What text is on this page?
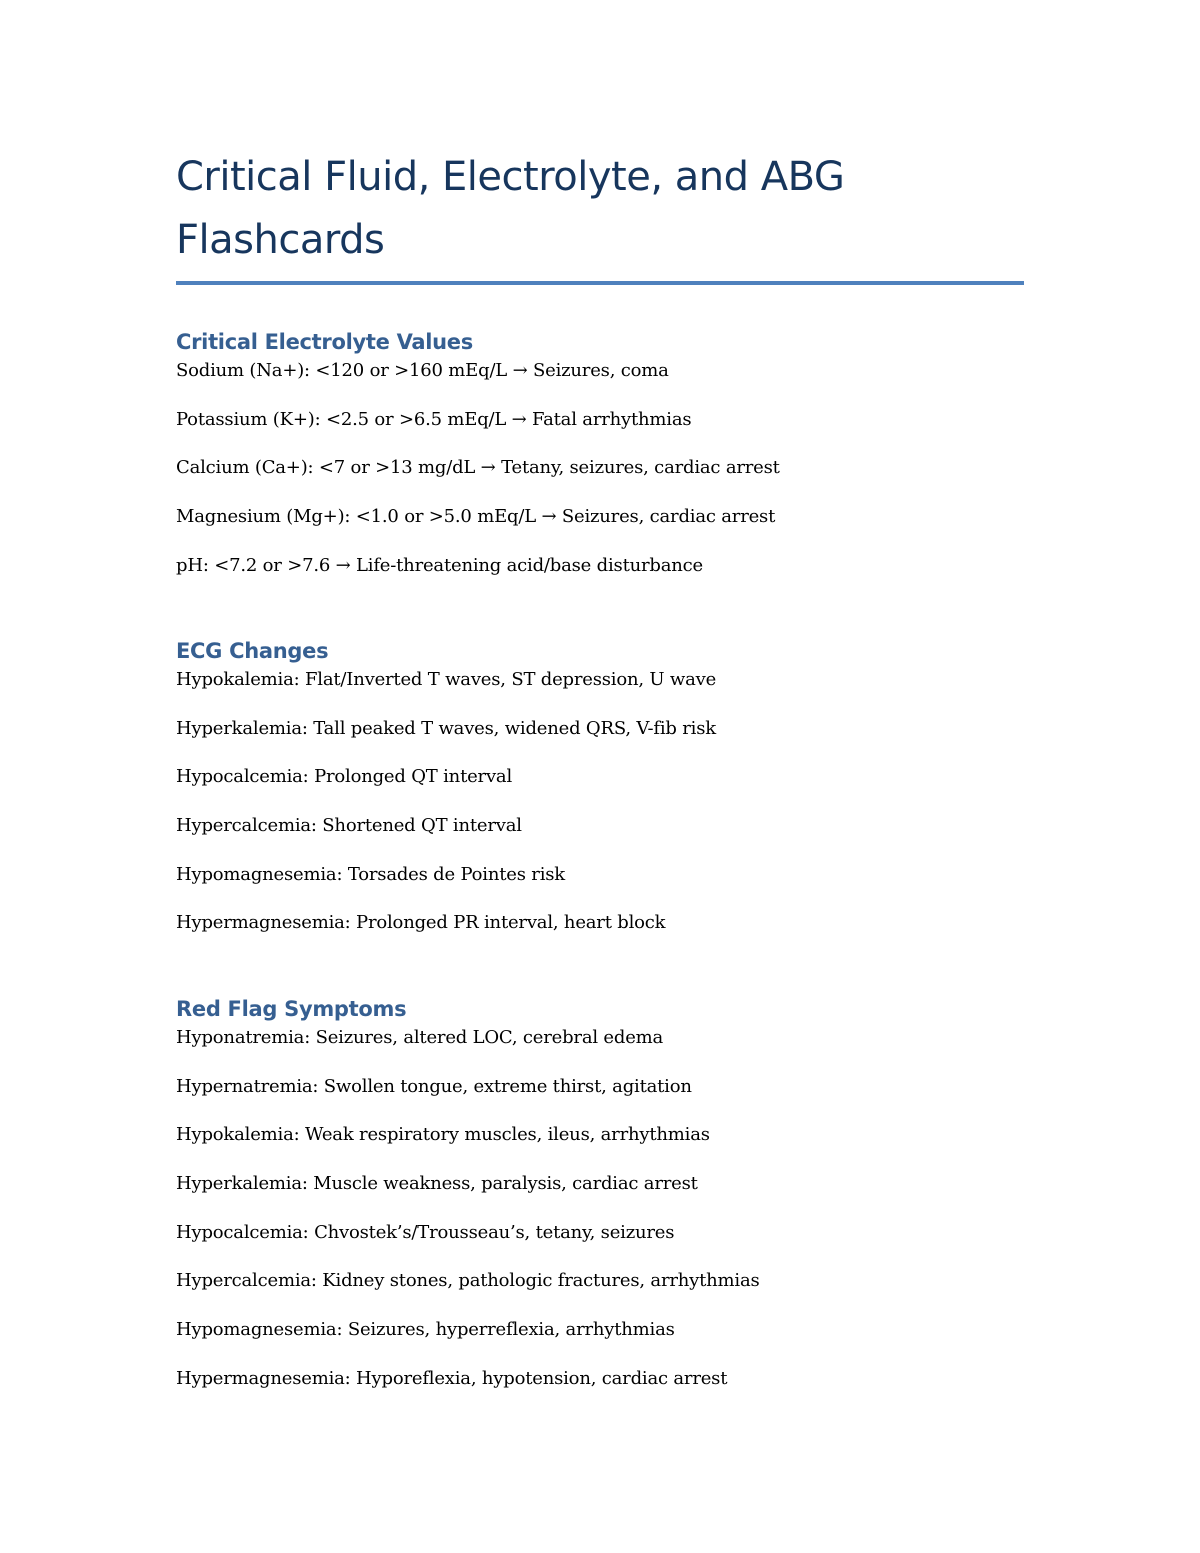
Critical Fluid, Electrolyte, and ABG Flashcards
Critical Electrolyte Values

Sodium (Na+): <120 or >160 mEq/L → Seizures, coma

Potassium (K+): <2.5 or >6.5 mEq/L → Fatal arrhythmias

Calcium (Ca+): <7 or >13 mg/dL → Tetany, seizures, cardiac arrest

Magnesium (Mg+): <1.0 or >5.0 mEq/L → Seizures, cardiac arrest

pH: <7.2 or >7.6 → Life-threatening acid/base disturbance

ECG Changes

Hypokalemia: Flat/Inverted T waves, ST depression, U wave

Hyperkalemia: Tall peaked T waves, widened QRS, V-fib risk

Hypocalcemia: Prolonged QT interval

Hypercalcemia: Shortened QT interval

Hypomagnesemia: Torsades de Pointes risk

Hypermagnesemia: Prolonged PR interval, heart block

Red Flag Symptoms

Hyponatremia: Seizures, altered LOC, cerebral edema

Hypernatremia: Swollen tongue, extreme thirst, agitation

Hypokalemia: Weak respiratory muscles, ileus, arrhythmias

Hyperkalemia: Muscle weakness, paralysis, cardiac arrest

Hypocalcemia: Chvostek’s/Trousseau’s, tetany, seizures

Hypercalcemia: Kidney stones, pathologic fractures, arrhythmias

Hypomagnesemia: Seizures, hyperreflexia, arrhythmias

Hypermagnesemia: Hyporeflexia, hypotension, cardiac arrest
